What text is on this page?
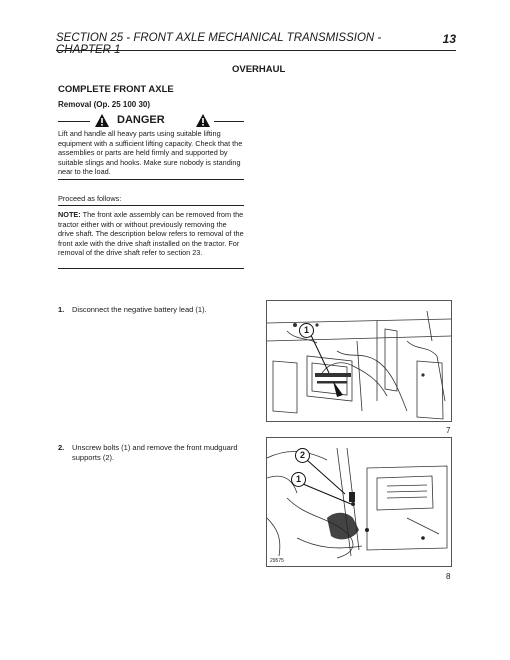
SECTION 25 - FRONT AXLE MECHANICAL TRANSMISSION - CHAPTER 1
13
OVERHAUL
COMPLETE FRONT AXLE
Removal (Op. 25 100 30)
DANGER
Lift and handle all heavy parts using suitable lifting equipment with a sufficient lifting capacity. Check that the assemblies or parts are held firmly and supported by suitable slings and hooks. Make sure nobody is standing near to the load.
Proceed as follows:
NOTE: The front axle assembly can be removed from the tractor either with or without previously removing the drive shaft. The description below refers to removal of the front axle with the drive shaft installed on the tractor. For removal of the drive shaft refer to section 23.
1. Disconnect the negative battery lead (1).
2. Unscrew bolts (1) and remove the front mudguard supports (2).
1
7
2
1
29575
8
